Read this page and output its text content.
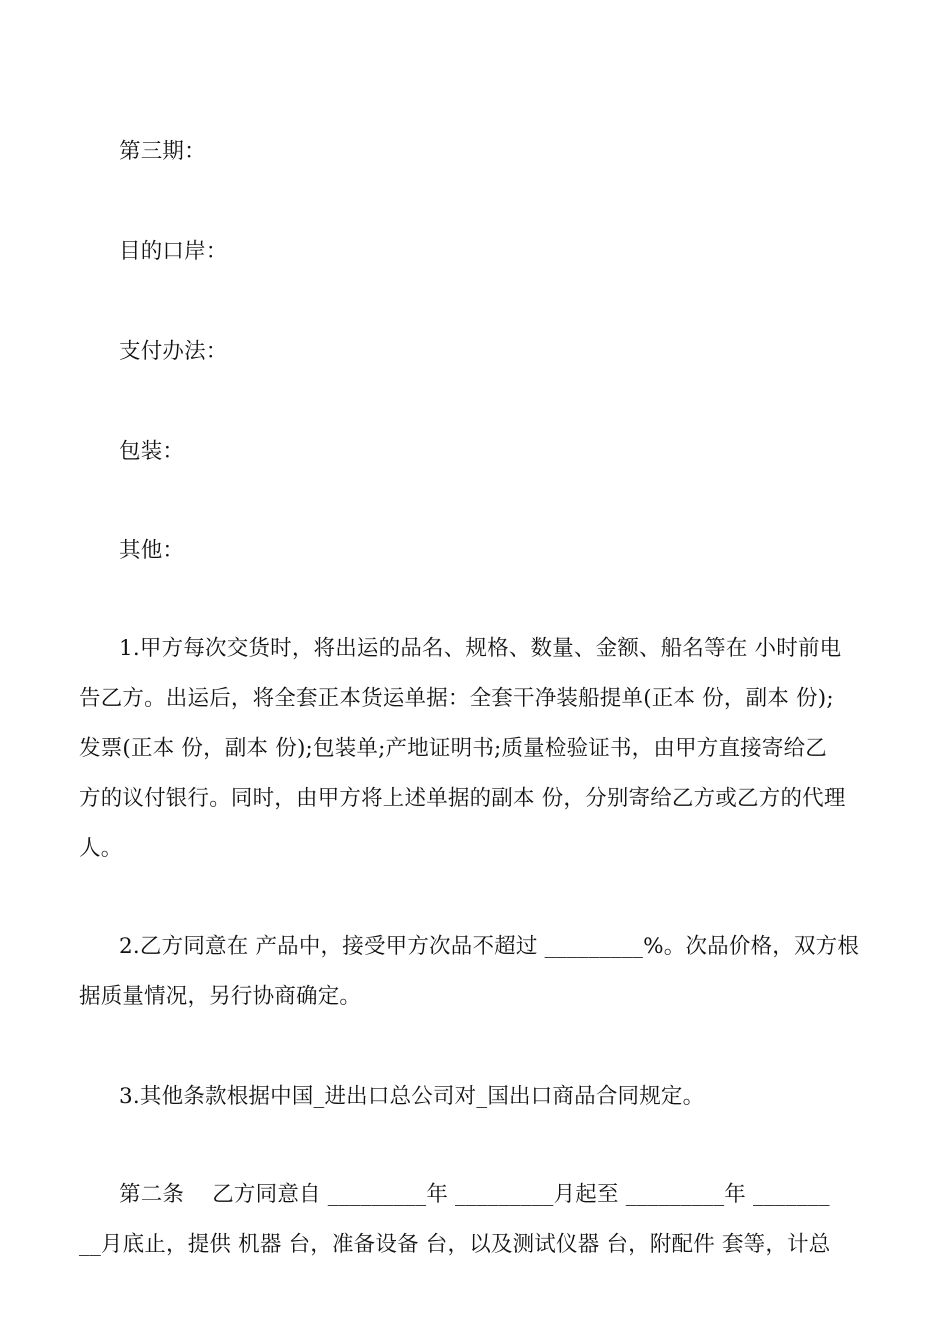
第三期：
目的口岸：
支付办法：
包装：
其他：
1.甲方每次交货时，将出运的品名、规格、数量、金额、船名等在 小时前电
告乙方。出运后，将全套正本货运单据：全套干净装船提单(正本 份，副本 份);
发票(正本 份，副本 份);包装单;产地证明书;质量检验证书，由甲方直接寄给乙
方的议付银行。同时，由甲方将上述单据的副本 份，分别寄给乙方或乙方的代理
人。
2.乙方同意在 产品中，接受甲方次品不超过 _________%。次品价格，双方根
据质量情况，另行协商确定。
3.其他条款根据中国_进出口总公司对_国出口商品合同规定。
第二条    乙方同意自 _________年 _________月起至 _________年 _______
__月底止，提供 机器 台，准备设备 台，以及测试仪器 台，附配件 套等，计总
